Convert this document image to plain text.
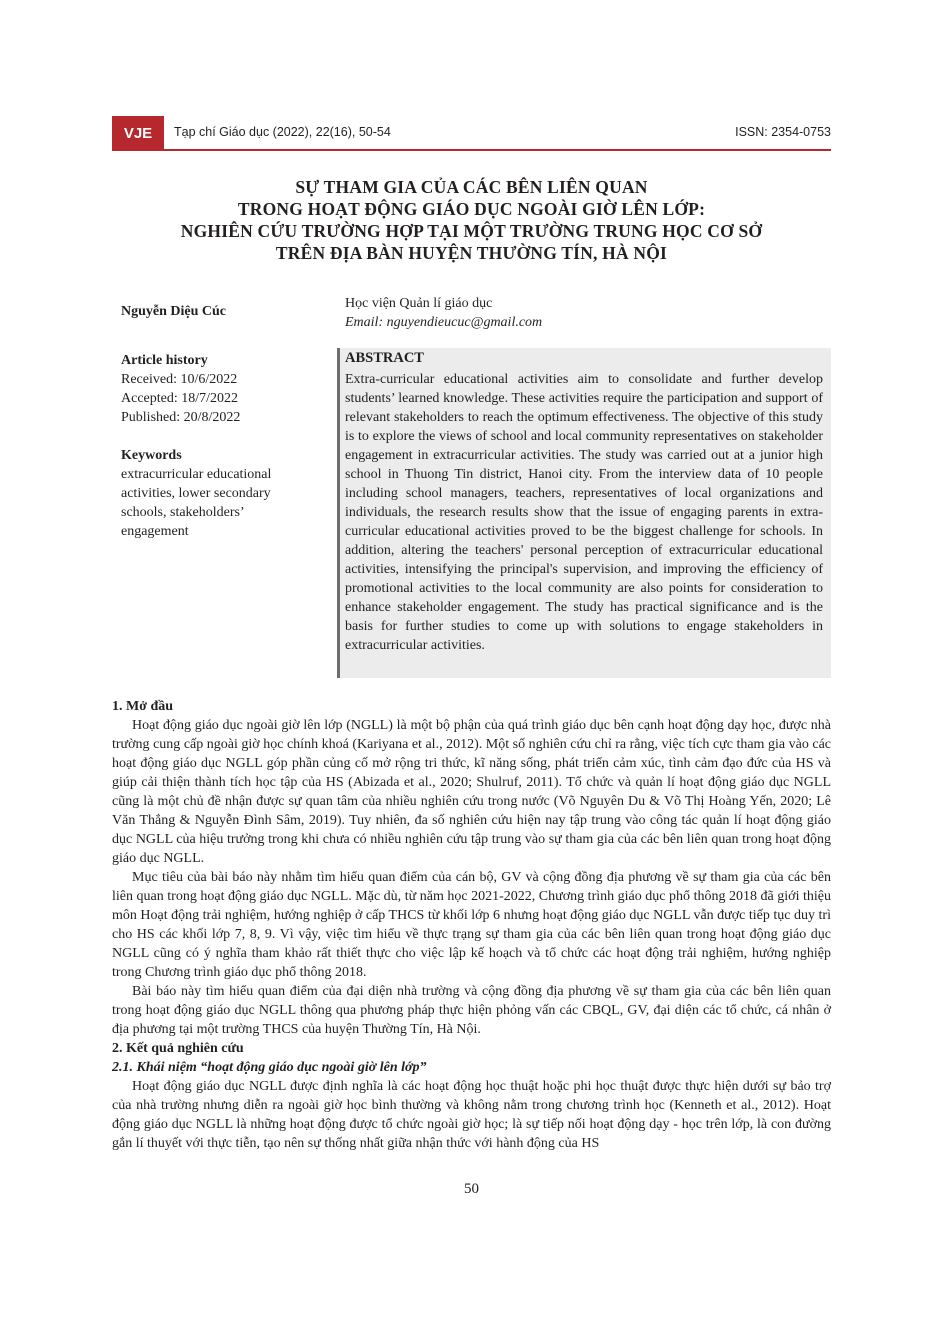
VJE	Tạp chí Giáo dục (2022), 22(16), 50-54	ISSN: 2354-0753
SỰ THAM GIA CỦA CÁC BÊN LIÊN QUAN
TRONG HOẠT ĐỘNG GIÁO DỤC NGOÀI GIỜ LÊN LỚP:
NGHIÊN CỨU TRƯỜNG HỢP TẠI MỘT TRƯỜNG TRUNG HỌC CƠ SỞ
TRÊN ĐỊA BÀN HUYỆN THƯỜNG TÍN, HÀ NỘI
Nguyễn Diệu Cúc
Học viện Quản lí giáo dục
Email: nguyendieucuc@gmail.com
Article history
Received: 10/6/2022
Accepted: 18/7/2022
Published: 20/8/2022
Keywords
extracurricular educational
activities, lower secondary
schools, stakeholders’
engagement
ABSTRACT
Extra-curricular educational activities aim to consolidate and further develop students’ learned knowledge. These activities require the participation and support of relevant stakeholders to reach the optimum effectiveness. The objective of this study is to explore the views of school and local community representatives on stakeholder engagement in extracurricular activities. The study was carried out at a junior high school in Thuong Tin district, Hanoi city. From the interview data of 10 people including school managers, teachers, representatives of local organizations and individuals, the research results show that the issue of engaging parents in extra-curricular educational activities proved to be the biggest challenge for schools. In addition, altering the teachers' personal perception of extracurricular educational activities, intensifying the principal's supervision, and improving the efficiency of promotional activities to the local community are also points for consideration to enhance stakeholder engagement. The study has practical significance and is the basis for further studies to come up with solutions to engage stakeholders in extracurricular activities.

1. Mở đầu

Hoạt động giáo dục ngoài giờ lên lớp (NGLL) là một bộ phận của quá trình giáo dục bên cạnh hoạt động dạy học, được nhà trường cung cấp ngoài giờ học chính khoá (Kariyana et al., 2012). Một số nghiên cứu chỉ ra rằng, việc tích cực tham gia vào các hoạt động giáo dục NGLL góp phần củng cố mở rộng tri thức, kĩ năng sống, phát triển cảm xúc, tình cảm đạo đức của HS và giúp cải thiện thành tích học tập của HS (Abizada et al., 2020; Shulruf, 2011). Tổ chức và quản lí hoạt động giáo dục NGLL cũng là một chủ đề nhận được sự quan tâm của nhiều nghiên cứu trong nước (Võ Nguyên Du & Võ Thị Hoàng Yến, 2020; Lê Văn Thắng & Nguyễn Đình Sâm, 2019). Tuy nhiên, đa số nghiên cứu hiện nay tập trung vào công tác quản lí hoạt động giáo dục NGLL của hiệu trưởng trong khi chưa có nhiều nghiên cứu tập trung vào sự tham gia của các bên liên quan trong hoạt động giáo dục NGLL.

Mục tiêu của bài báo này nhằm tìm hiểu quan điểm của cán bộ, GV và cộng đồng địa phương về sự tham gia của các bên liên quan trong hoạt động giáo dục NGLL. Mặc dù, từ năm học 2021-2022, Chương trình giáo dục phổ thông 2018 đã giới thiệu môn Hoạt động trải nghiệm, hướng nghiệp ở cấp THCS từ khối lớp 6 nhưng hoạt động giáo dục NGLL vẫn được tiếp tục duy trì cho HS các khối lớp 7, 8, 9. Vì vậy, việc tìm hiểu về thực trạng sự tham gia của các bên liên quan trong hoạt động giáo dục NGLL cũng có ý nghĩa tham khảo rất thiết thực cho việc lập kế hoạch và tổ chức các hoạt động trải nghiệm, hướng nghiệp trong Chương trình giáo dục phổ thông 2018.

Bài báo này tìm hiểu quan điểm của đại diện nhà trường và cộng đồng địa phương về sự tham gia của các bên liên quan trong hoạt động giáo dục NGLL thông qua phương pháp thực hiện phỏng vấn các CBQL, GV, đại diện các tổ chức, cá nhân ở địa phương tại một trường THCS của huyện Thường Tín, Hà Nội.

2. Kết quả nghiên cứu

2.1. Khái niệm “hoạt động giáo dục ngoài giờ lên lớp”

Hoạt động giáo dục NGLL được định nghĩa là các hoạt động học thuật hoặc phi học thuật được thực hiện dưới sự bảo trợ của nhà trường nhưng diễn ra ngoài giờ học bình thường và không nằm trong chương trình học (Kenneth et al., 2012). Hoạt động giáo dục NGLL là những hoạt động được tổ chức ngoài giờ học; là sự tiếp nối hoạt động dạy - học trên lớp, là con đường gắn lí thuyết với thực tiễn, tạo nên sự thống nhất giữa nhận thức với hành động của HS

50
